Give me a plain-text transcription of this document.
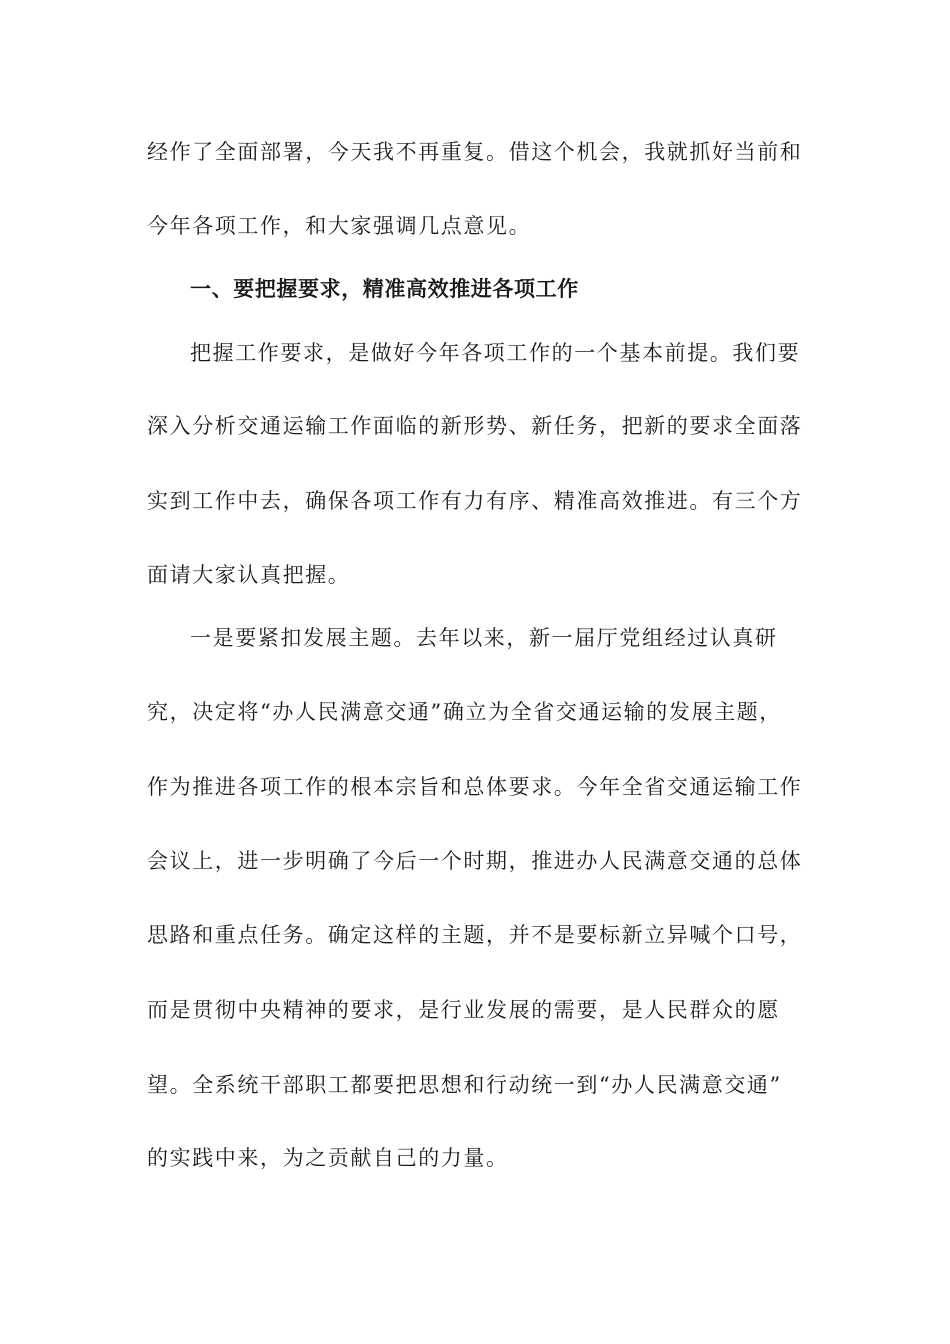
经作了全面部署，今天我不再重复。借这个机会，我就抓好当前和
今年各项工作，和大家强调几点意见。
一、要把握要求，精准高效推进各项工作
把握工作要求，是做好今年各项工作的一个基本前提。我们要
深入分析交通运输工作面临的新形势、新任务，把新的要求全面落
实到工作中去，确保各项工作有力有序、精准高效推进。有三个方
面请大家认真把握。
一是要紧扣发展主题。去年以来，新一届厅党组经过认真研
究，决定将“办人民满意交通”确立为全省交通运输的发展主题，
作为推进各项工作的根本宗旨和总体要求。今年全省交通运输工作
会议上，进一步明确了今后一个时期，推进办人民满意交通的总体
思路和重点任务。确定这样的主题，并不是要标新立异喊个口号，
而是贯彻中央精神的要求，是行业发展的需要，是人民群众的愿
望。全系统干部职工都要把思想和行动统一到“办人民满意交通”
的实践中来，为之贡献自己的力量。
